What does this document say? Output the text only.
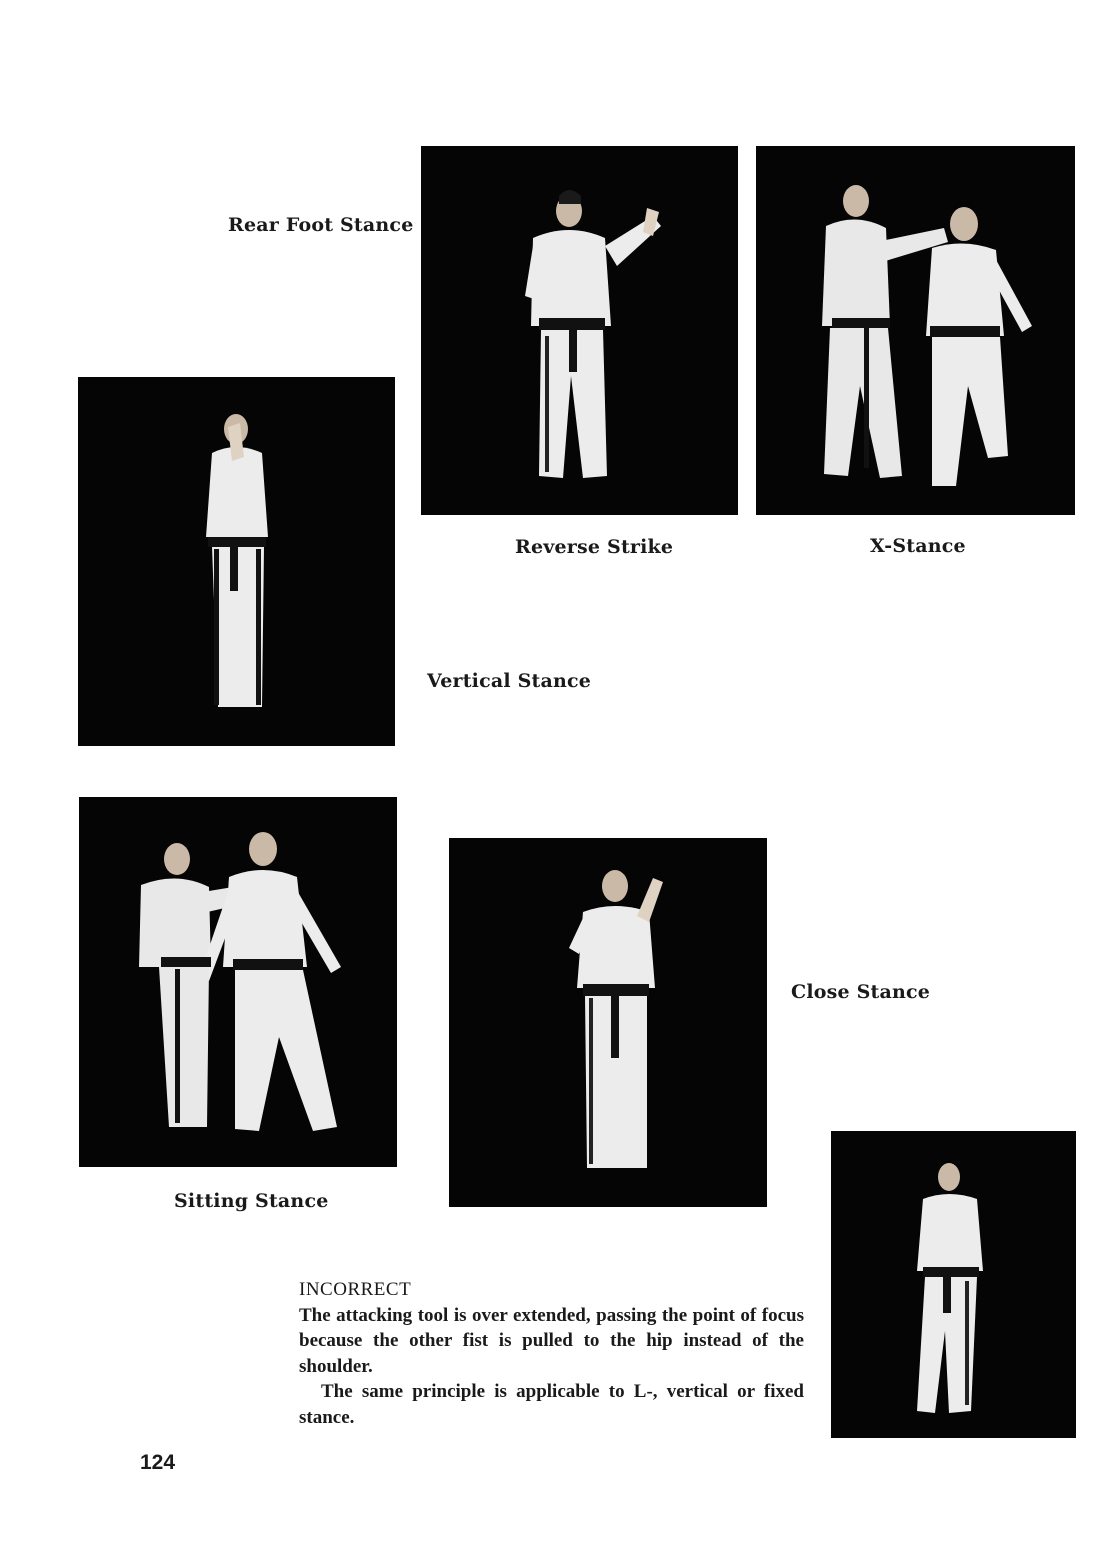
Rear Foot Stance
Reverse Strike	X-Stance
Vertical Stance
Close Stance
Sitting Stance
INCORRECT
The attacking tool is over extended, passing the point of focus because the other fist is pulled to the hip instead of the shoulder.
The same principle is applicable to L-, vertical or fixed stance.
124
